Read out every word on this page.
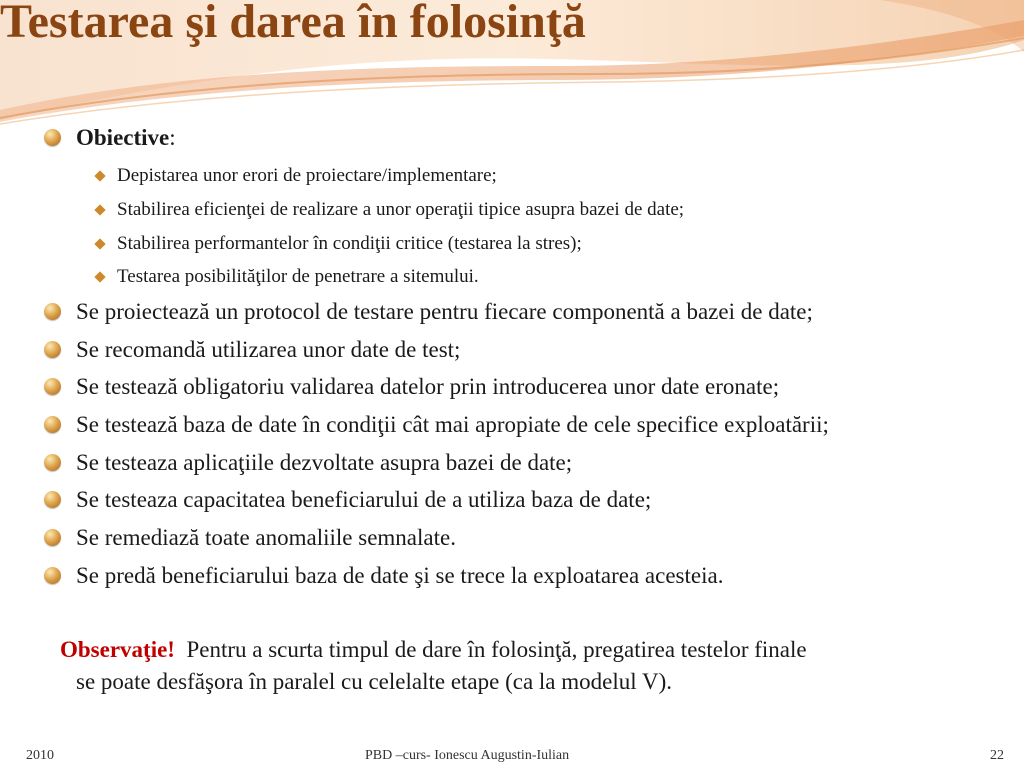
Testarea şi darea în folosinţă
Obiective:
Depistarea unor erori de proiectare/implementare;
Stabilirea eficienţei de realizare a unor operaţii tipice asupra bazei de date;
Stabilirea performantelor în condiţii critice (testarea la stres);
Testarea posibilităţilor de penetrare a sitemului.
Se proiectează un protocol de testare pentru fiecare componentă a bazei de date;
Se recomandă utilizarea unor date de test;
Se testează obligatoriu validarea datelor prin introducerea unor date eronate;
Se testează baza de date în condiţii cât mai apropiate de cele specifice exploatării;
Se testeaza aplicaţiile dezvoltate asupra bazei de date;
Se testeaza capacitatea beneficiarului de a utiliza baza de date;
Se remediază toate anomaliile semnalate.
Se predă beneficiarului baza de date şi se trece la exploatarea acesteia.
Observaţie! Pentru a scurta timpul de dare în folosinţă, pregatirea testelor finale
se poate desfăşora în paralel cu celelalte etape (ca la modelul V).
2010	PBD –curs- Ionescu Augustin-Iulian	22
